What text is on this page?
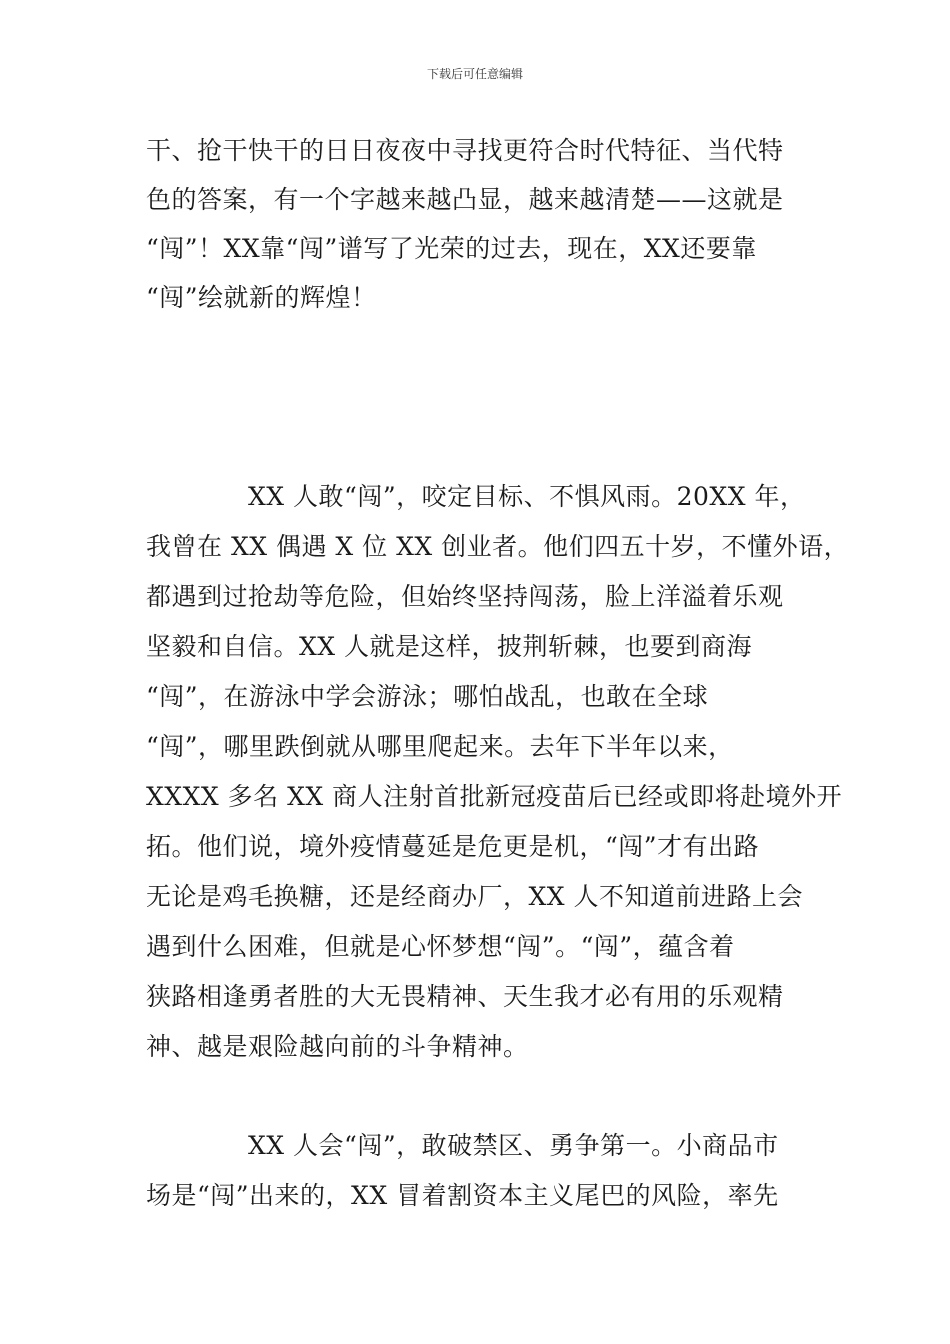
下载后可任意编辑
干、抢干快干的日日夜夜中寻找更符合时代特征、当代特
色的答案，有一个字越来越凸显，越来越清楚——这就是
“闯”！XX靠“闯”谱写了光荣的过去，现在，XX还要靠
“闯”绘就新的辉煌！
XX 人敢“闯”，咬定目标、不惧风雨。20XX 年，
我曾在 XX 偶遇 X 位 XX 创业者。他们四五十岁，不懂外语，
都遇到过抢劫等危险，但始终坚持闯荡，脸上洋溢着乐观
坚毅和自信。XX 人就是这样，披荆斩棘，也要到商海
“闯”，在游泳中学会游泳；哪怕战乱，也敢在全球
“闯”，哪里跌倒就从哪里爬起来。去年下半年以来，
XXXX 多名 XX 商人注射首批新冠疫苗后已经或即将赴境外开
拓。他们说，境外疫情蔓延是危更是机，“闯”才有出路
无论是鸡毛换糖，还是经商办厂，XX 人不知道前进路上会
遇到什么困难，但就是心怀梦想“闯”。“闯”，蕴含着
狭路相逢勇者胜的大无畏精神、天生我才必有用的乐观精
神、越是艰险越向前的斗争精神。
XX 人会“闯”，敢破禁区、勇争第一。小商品市
场是“闯”出来的，XX 冒着割资本主义尾巴的风险，率先
